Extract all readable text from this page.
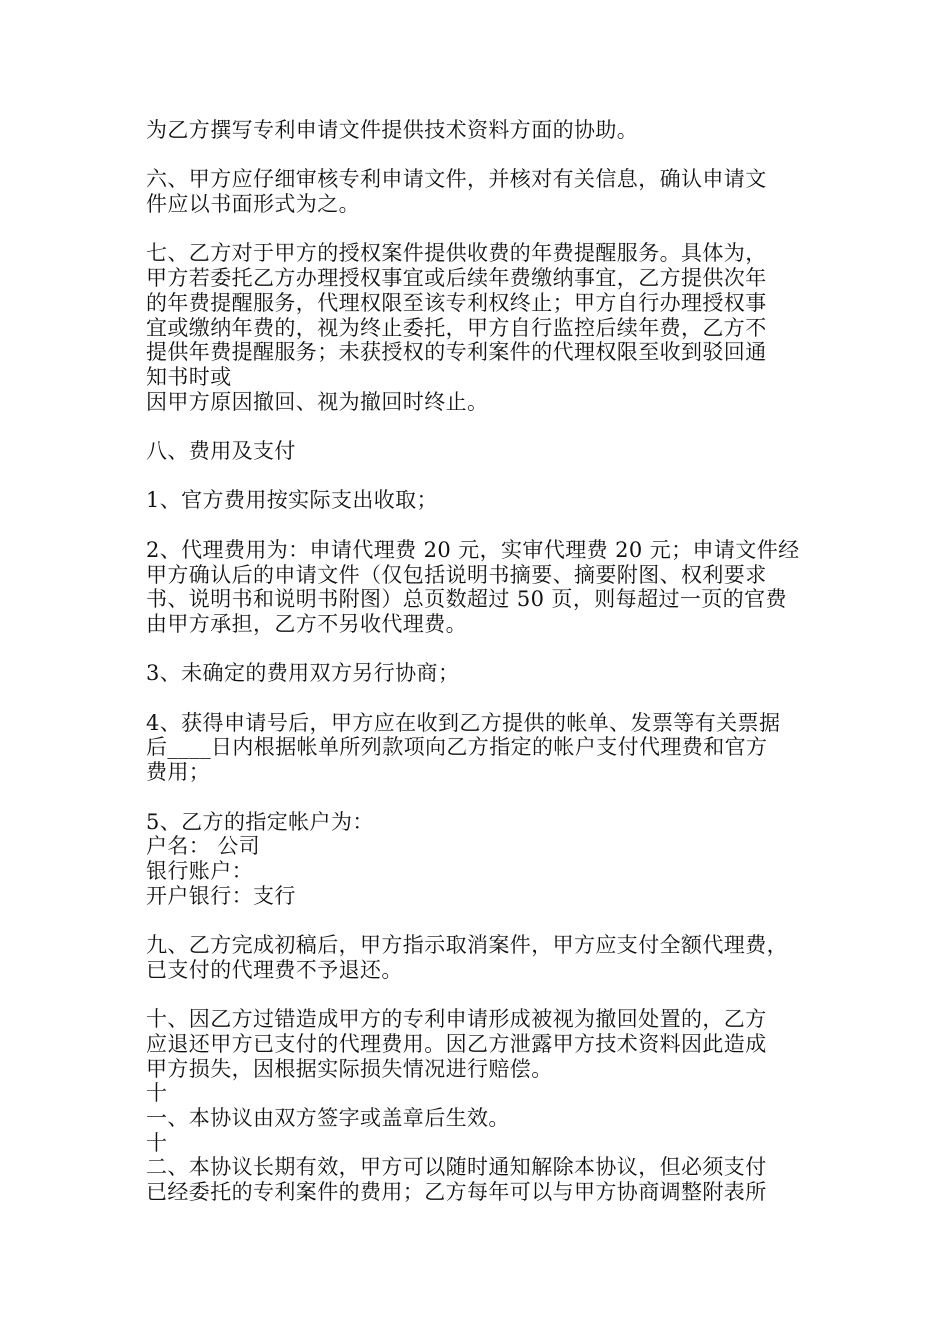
为乙方撰写专利申请文件提供技术资料方面的协助。
六、甲方应仔细审核专利申请文件，并核对有关信息，确认申请文
件应以书面形式为之。
七、乙方对于甲方的授权案件提供收费的年费提醒服务。具体为，
甲方若委托乙方办理授权事宜或后续年费缴纳事宜，乙方提供次年
的年费提醒服务，代理权限至该专利权终止；甲方自行办理授权事
宜或缴纳年费的，视为终止委托，甲方自行监控后续年费，乙方不
提供年费提醒服务；未获授权的专利案件的代理权限至收到驳回通
知书时或
因甲方原因撤回、视为撤回时终止。
八、费用及支付
1、官方费用按实际支出收取；
2、代理费用为：申请代理费 20 元，实审代理费 20 元；申请文件经
甲方确认后的申请文件（仅包括说明书摘要、摘要附图、权利要求
书、说明书和说明书附图）总页数超过 50 页，则每超过一页的官费
由甲方承担，乙方不另收代理费。
3、未确定的费用双方另行协商；
4、获得申请号后，甲方应在收到乙方提供的帐单、发票等有关票据
后____日内根据帐单所列款项向乙方指定的帐户支付代理费和官方
费用；
5、乙方的指定帐户为：
户名： 公司
银行账户：
开户银行：支行
九、乙方完成初稿后，甲方指示取消案件，甲方应支付全额代理费，
已支付的代理费不予退还。
十、因乙方过错造成甲方的专利申请形成被视为撤回处置的，乙方
应退还甲方已支付的代理费用。因乙方泄露甲方技术资料因此造成
甲方损失，因根据实际损失情况进行赔偿。
十
一、本协议由双方签字或盖章后生效。
十
二、本协议长期有效，甲方可以随时通知解除本协议，但必须支付
已经委托的专利案件的费用；乙方每年可以与甲方协商调整附表所
